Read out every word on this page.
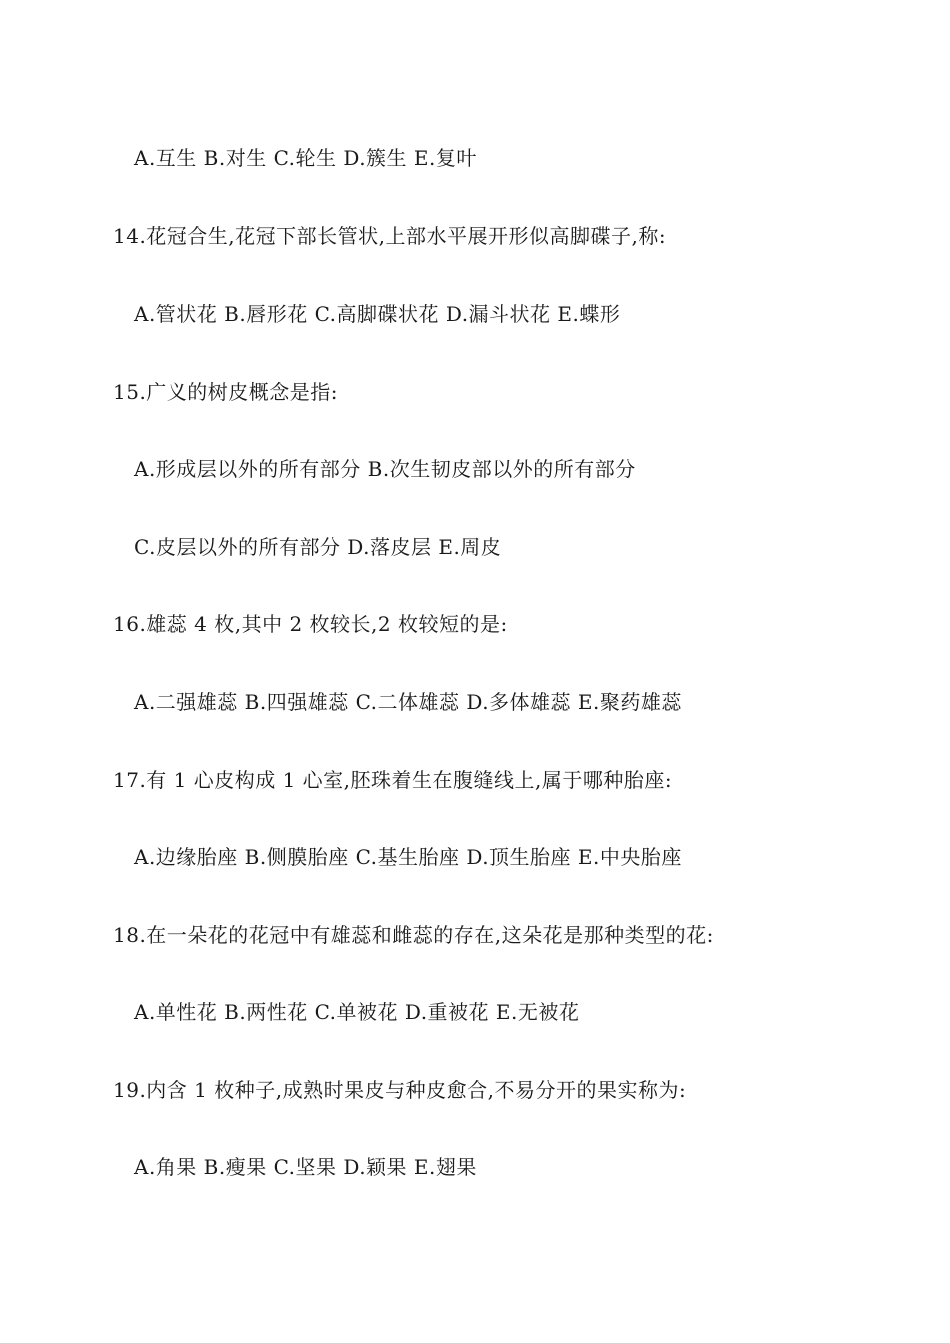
A.互生 B.对生 C.轮生 D.簇生 E.复叶
14.花冠合生,花冠下部长管状,上部水平展开形似高脚碟子,称:
A.管状花 B.唇形花 C.高脚碟状花 D.漏斗状花 E.蝶形
15.广义的树皮概念是指:
A.形成层以外的所有部分 B.次生韧皮部以外的所有部分
C.皮层以外的所有部分 D.落皮层 E.周皮
16.雄蕊 4 枚,其中 2 枚较长,2 枚较短的是:
A.二强雄蕊 B.四强雄蕊 C.二体雄蕊 D.多体雄蕊 E.聚药雄蕊
17.有 1 心皮构成 1 心室,胚珠着生在腹缝线上,属于哪种胎座:
A.边缘胎座 B.侧膜胎座 C.基生胎座 D.顶生胎座 E.中央胎座
18.在一朵花的花冠中有雄蕊和雌蕊的存在,这朵花是那种类型的花:
A.单性花 B.两性花 C.单被花 D.重被花 E.无被花
19.内含 1 枚种子,成熟时果皮与种皮愈合,不易分开的果实称为:
A.角果 B.瘦果 C.坚果 D.颖果 E.翅果
